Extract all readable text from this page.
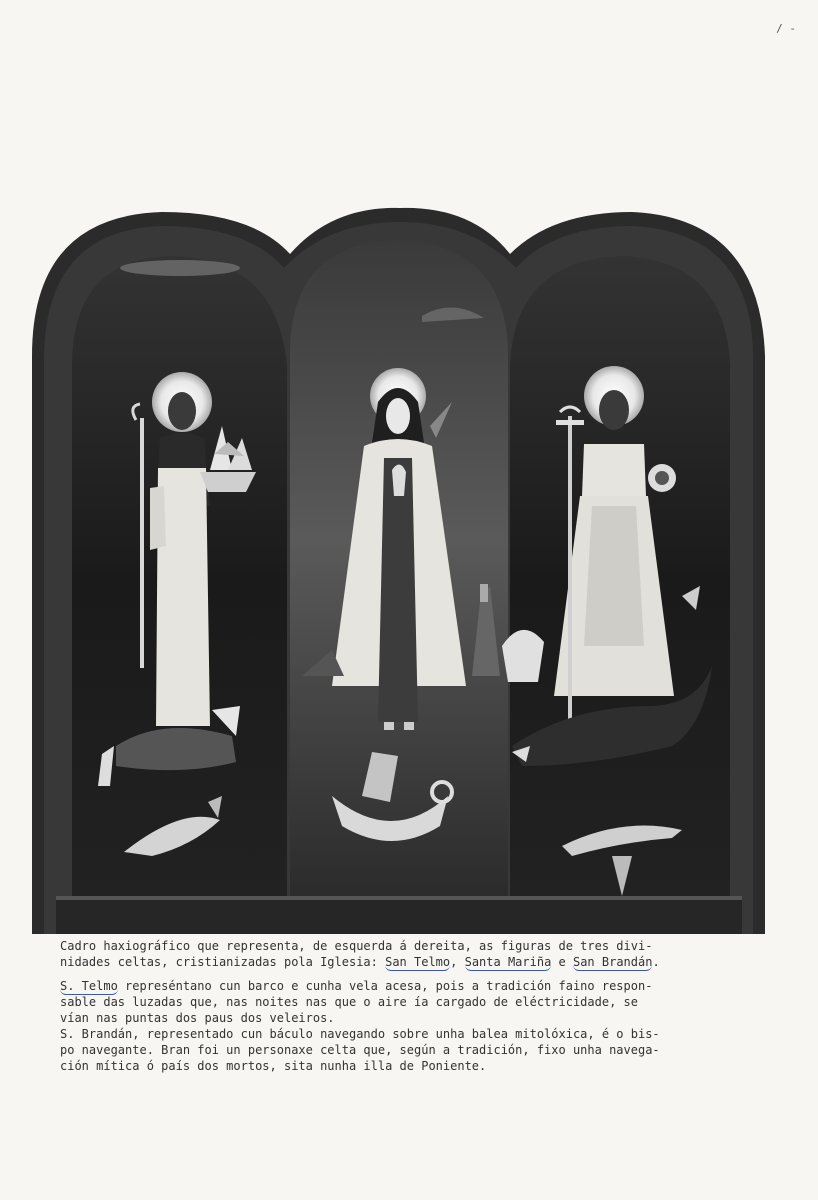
/ -

Cadro haxiográfico que representa, de esquerda á dereita, as figuras de tres divi-
nidades celtas, cristianizadas pola Iglesia: San Telmo, Santa Mariña e San Brandán.

S. Telmo represéntano cun barco e cunha vela acesa, pois a tradición faino respon-
sable das luzadas que, nas noites nas que o aire ía cargado de eléctricidade, se
vían nas puntas dos paus dos veleiros.
S. Brandán, representado cun báculo navegando sobre unha balea mitolóxica, é o bis-
po navegante. Bran foi un personaxe celta que, según a tradición, fixo unha navega-
ción mítica ó país dos mortos, sita nunha illa de Poniente.
